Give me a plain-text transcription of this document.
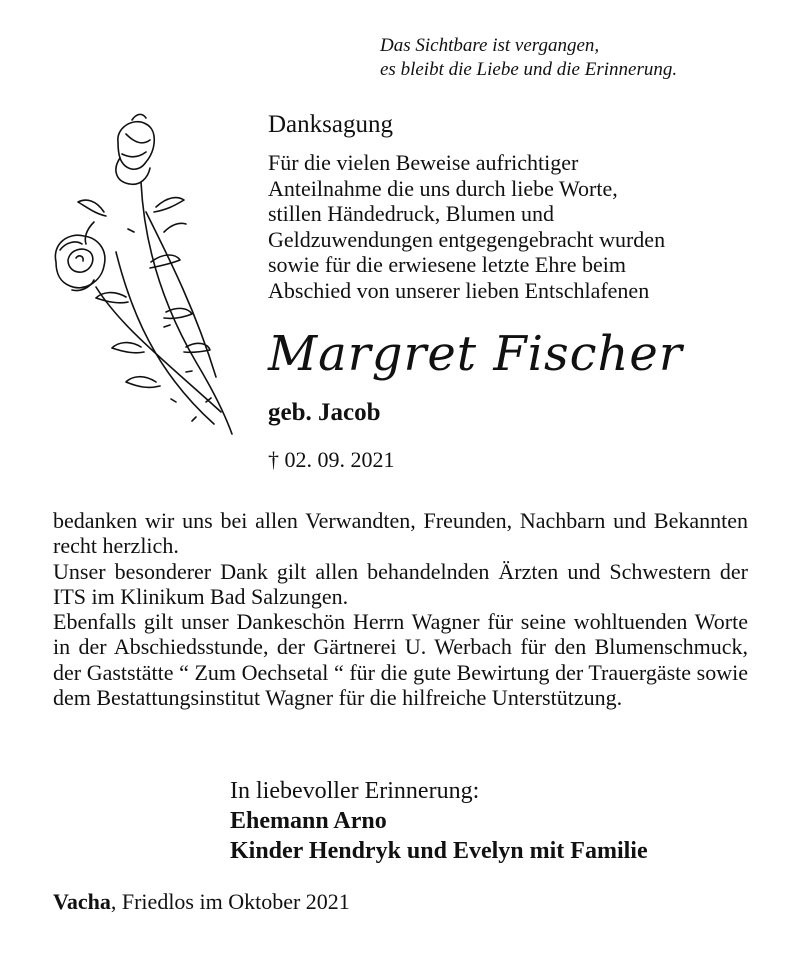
Das Sichtbare ist vergangen,
es bleibt die Liebe und die Erinnerung.
Danksagung
Für die vielen Beweise aufrichtiger
Anteilnahme die uns durch liebe Worte,
stillen Händedruck, Blumen und
Geldzuwendungen entgegengebracht wurden
sowie für die erwiesene letzte Ehre beim
Abschied von unserer lieben Entschlafenen
Margret Fischer
geb. Jacob
† 02. 09. 2021
bedanken wir uns bei allen Verwandten, Freunden, Nachbarn und Bekannten recht herzlich.
Unser besonderer Dank gilt allen behandelnden Ärzten und Schwestern der ITS im Klinikum Bad Salzungen.
Ebenfalls gilt unser Dankeschön Herrn Wagner für seine wohltuenden Worte in der Abschiedsstunde, der Gärtnerei U. Werbach für den Blumenschmuck, der Gaststätte “ Zum Oechsetal “ für die gute Bewirtung der Trauergäste sowie dem Bestattungsinstitut Wagner für die hilfreiche Unterstützung.
In liebevoller Erinnerung:
Ehemann Arno
Kinder Hendryk und Evelyn mit Familie
Vacha, Friedlos im Oktober 2021
